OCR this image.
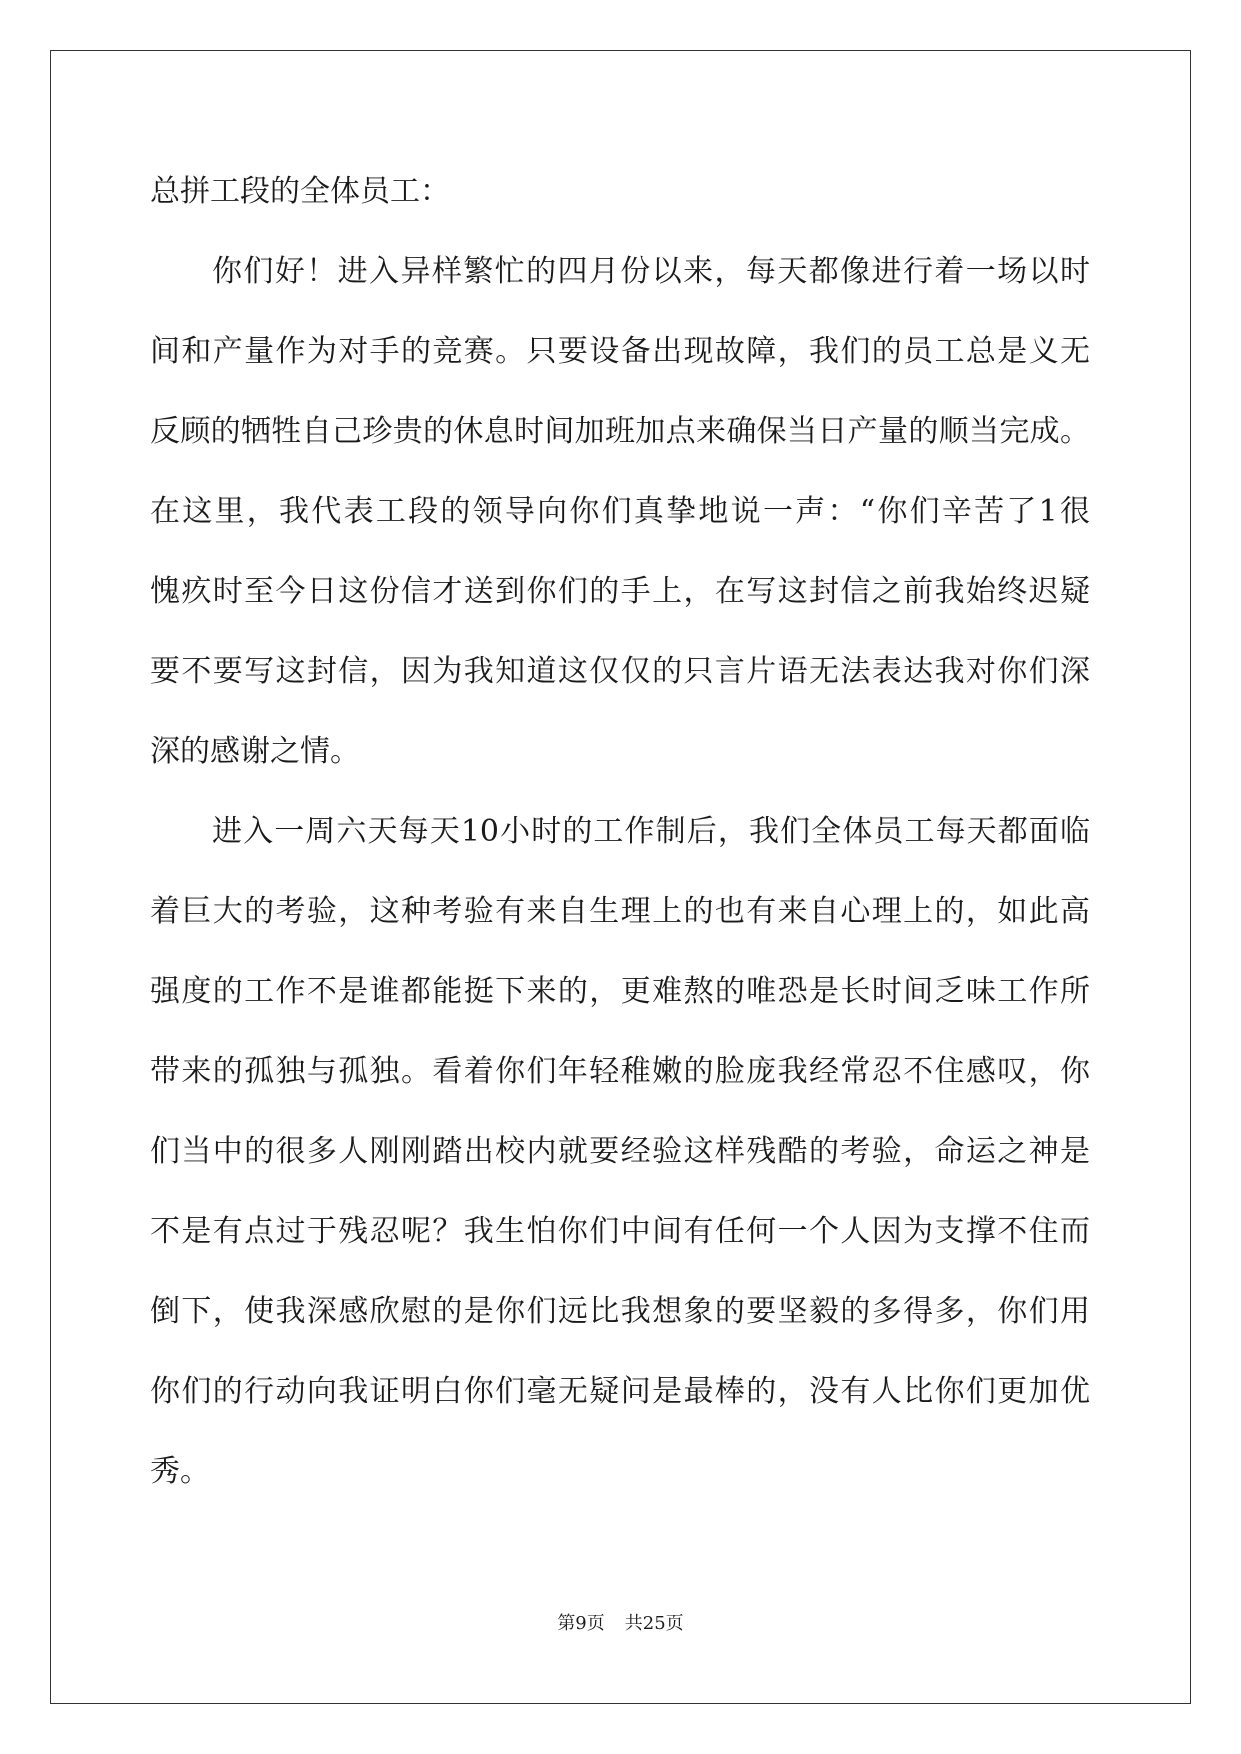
总拼工段的全体员工：
你们好！进入异样繁忙的四月份以来，每天都像进行着一场以时
间和产量作为对手的竞赛。只要设备出现故障，我们的员工总是义无
反顾的牺牲自己珍贵的休息时间加班加点来确保当日产量的顺当完成。
在这里，我代表工段的领导向你们真挚地说一声：“你们辛苦了1很
愧疚时至今日这份信才送到你们的手上，在写这封信之前我始终迟疑
要不要写这封信，因为我知道这仅仅的只言片语无法表达我对你们深
深的感谢之情。
进入一周六天每天10小时的工作制后，我们全体员工每天都面临
着巨大的考验，这种考验有来自生理上的也有来自心理上的，如此高
强度的工作不是谁都能挺下来的，更难熬的唯恐是长时间乏味工作所
带来的孤独与孤独。看着你们年轻稚嫩的脸庞我经常忍不住感叹，你
们当中的很多人刚刚踏出校内就要经验这样残酷的考验，命运之神是
不是有点过于残忍呢？我生怕你们中间有任何一个人因为支撑不住而
倒下，使我深感欣慰的是你们远比我想象的要坚毅的多得多，你们用
你们的行动向我证明白你们毫无疑问是最棒的，没有人比你们更加优
秀。
第9页 共25页
